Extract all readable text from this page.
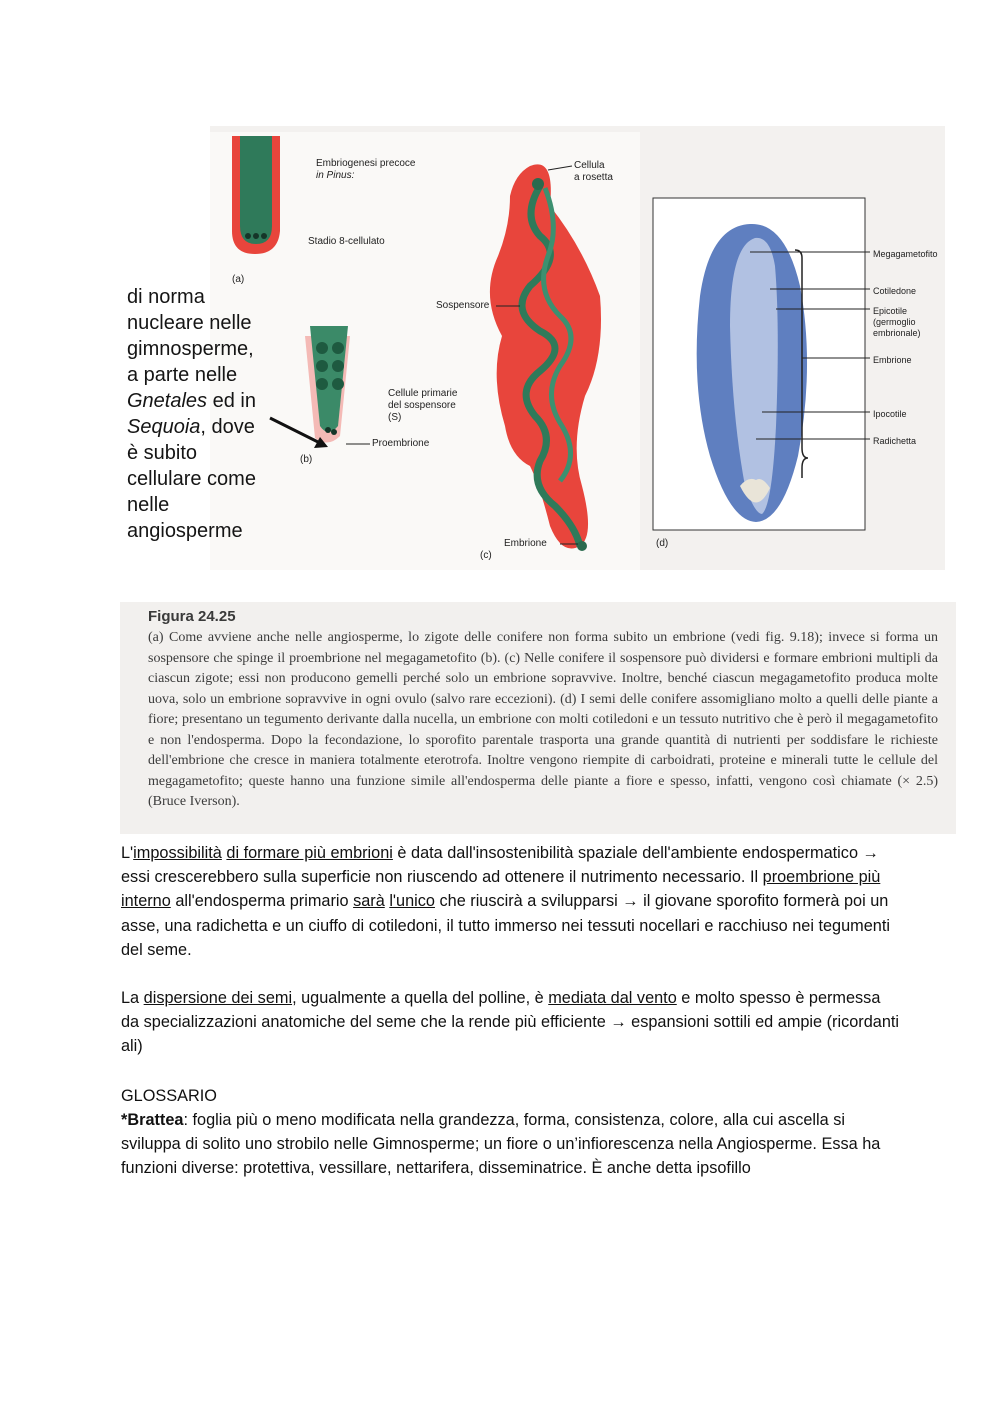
Embriogenesi precoce
in Pinus:
Stadio 8-cellulato
(a)
(b)
(c)
(d)
Cellula
a rosetta
Sospensore
Cellule primarie
del sospensore
(S)
Proembrione
Embrione
Megagametofito
Cotiledone
Epicotile
(germoglio
embrionale)
Embrione
Ipocotile
Radichetta
di norma
nucleare nelle
gimnosperme,
a parte nelle
Gnetales ed in
Sequoia, dove
è subito
cellulare come
nelle
angiosperme
Figura 24.25
(a) Come avviene anche nelle angiosperme, lo zigote delle conifere non forma subito un embrione (vedi fig. 9.18); invece si forma un sospensore che spinge il proembrione nel megagametofito (b). (c) Nelle conifere il sospensore può dividersi e formare embrioni multipli da ciascun zigote; essi non producono gemelli perché solo un embrione sopravvive. Inoltre, benché ciascun megagametofito produca molte uova, solo un embrione sopravvive in ogni ovulo (salvo rare eccezioni). (d) I semi delle conifere assomigliano molto a quelli delle piante a fiore; presentano un tegumento derivante dalla nucella, un embrione con molti cotiledoni e un tessuto nutritivo che è però il megagametofito e non l'endosperma. Dopo la fecondazione, lo sporofito parentale trasporta una grande quantità di nutrienti per soddisfare le richieste dell'embrione che cresce in maniera totalmente eterotrofa. Inoltre vengono riempite di carboidrati, proteine e minerali tutte le cellule del megagametofito; queste hanno una funzione simile all'endosperma delle piante a fiore e spesso, infatti, vengono così chiamate (× 2.5) (Bruce Iverson).
L'impossibilità di formare più embrioni è data dall'insostenibilità spaziale dell'ambiente endospermatico → essi crescerebbero sulla superficie non riuscendo ad ottenere il nutrimento necessario. Il proembrione più interno all'endosperma primario sarà l'unico che riuscirà a svilupparsi → il giovane sporofito formerà poi un asse, una radichetta e un ciuffo di cotiledoni, il tutto immerso nei tessuti nocellari e racchiuso nei tegumenti del seme.
La dispersione dei semi, ugualmente a quella del polline, è mediata dal vento e molto spesso è permessa da specializzazioni anatomiche del seme che la rende più efficiente → espansioni sottili ed ampie (ricordanti ali)
GLOSSARIO
*Brattea: foglia più o meno modificata nella grandezza, forma, consistenza, colore, alla cui ascella si sviluppa di solito uno strobilo nelle Gimnosperme; un fiore o un’infiorescenza nella Angiosperme. Essa ha funzioni diverse: protettiva, vessillare, nettarifera, disseminatrice. È anche detta ipsofillo
